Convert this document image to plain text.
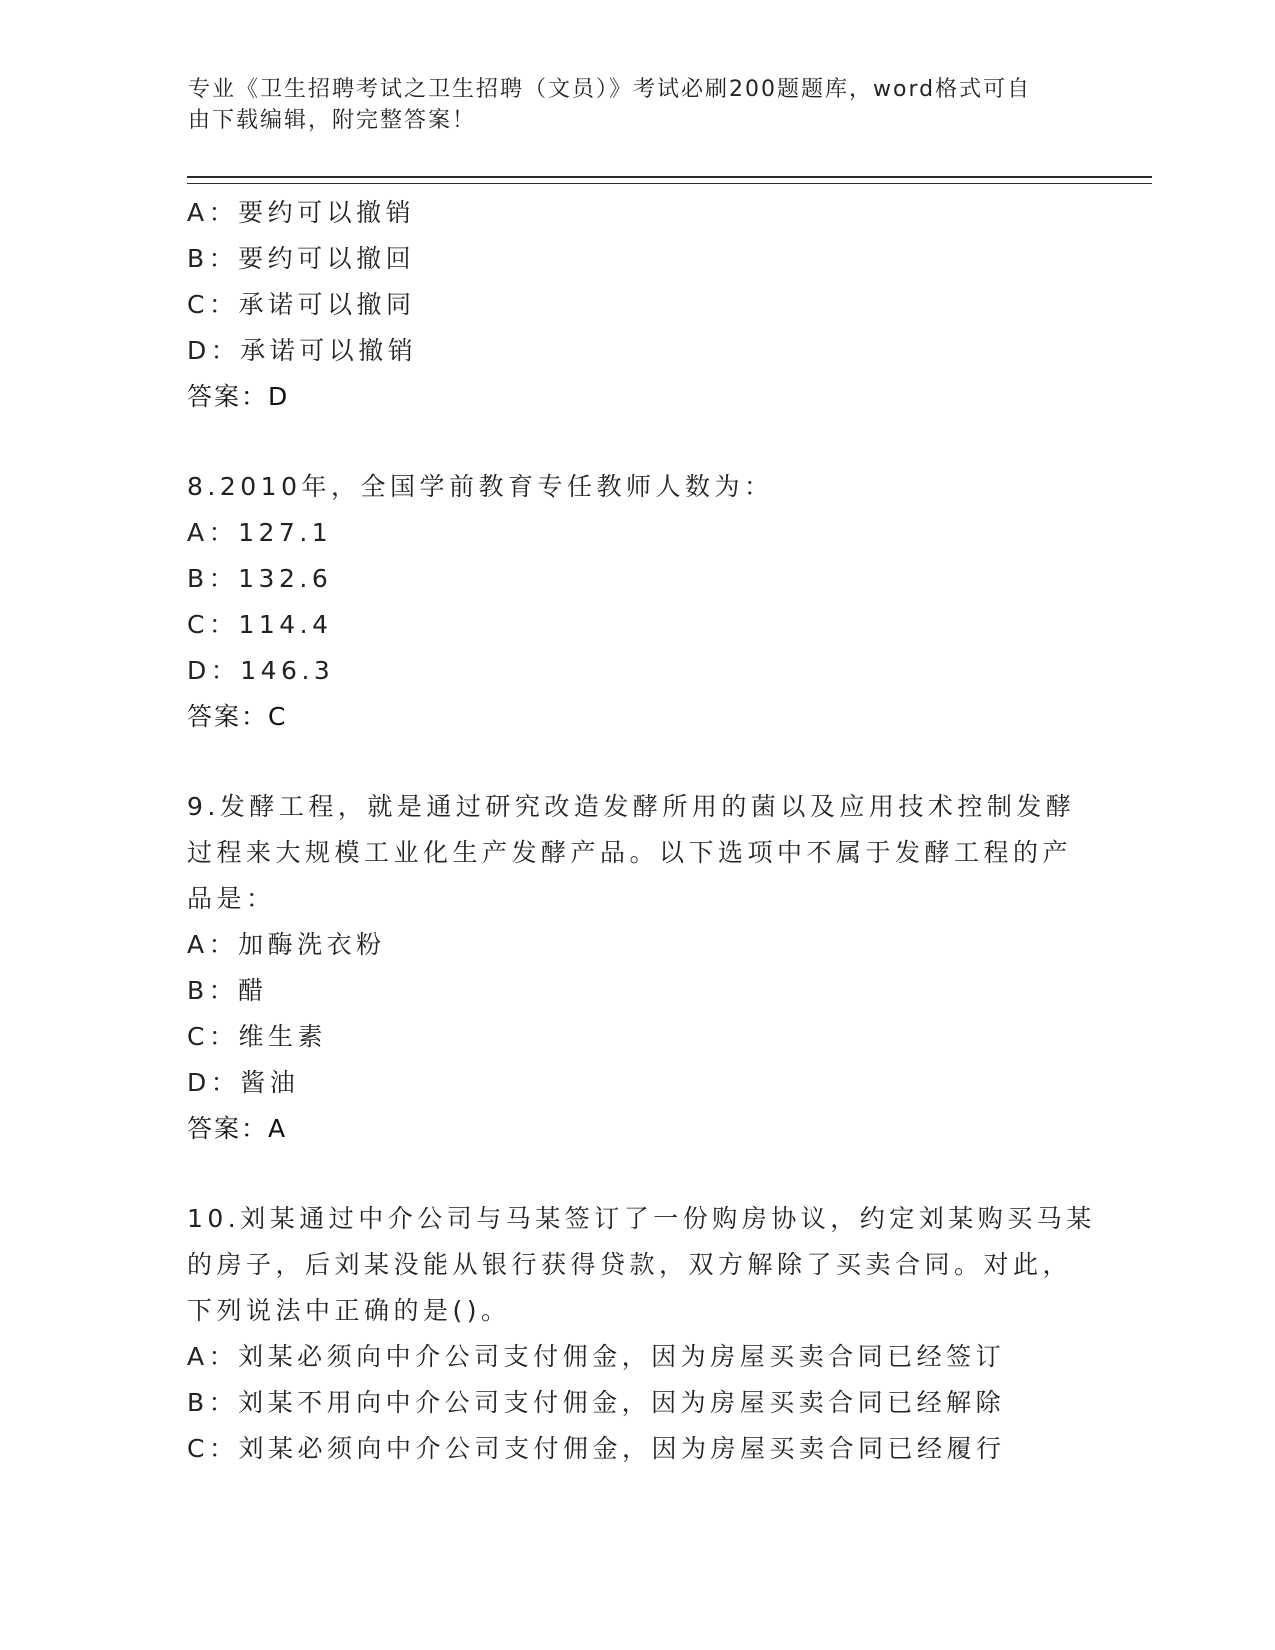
专业《卫生招聘考试之卫生招聘（文员）》考试必刷200题题库，word格式可自
由下载编辑，附完整答案！
A：要约可以撤销
B：要约可以撤回
C：承诺可以撤同
D：承诺可以撤销
答案：D
8.2010年，全国学前教育专任教师人数为：
A：127.1
B：132.6
C：114.4
D：146.3
答案：C
9.发酵工程，就是通过研究改造发酵所用的菌以及应用技术控制发酵
过程来大规模工业化生产发酵产品。以下选项中不属于发酵工程的产
品是：
A：加酶洗衣粉
B：醋
C：维生素
D：酱油
答案：A
10.刘某通过中介公司与马某签订了一份购房协议，约定刘某购买马某
的房子，后刘某没能从银行获得贷款，双方解除了买卖合同。对此，
下列说法中正确的是()。
A：刘某必须向中介公司支付佣金，因为房屋买卖合同已经签订
B：刘某不用向中介公司支付佣金，因为房屋买卖合同已经解除
C：刘某必须向中介公司支付佣金，因为房屋买卖合同已经履行
